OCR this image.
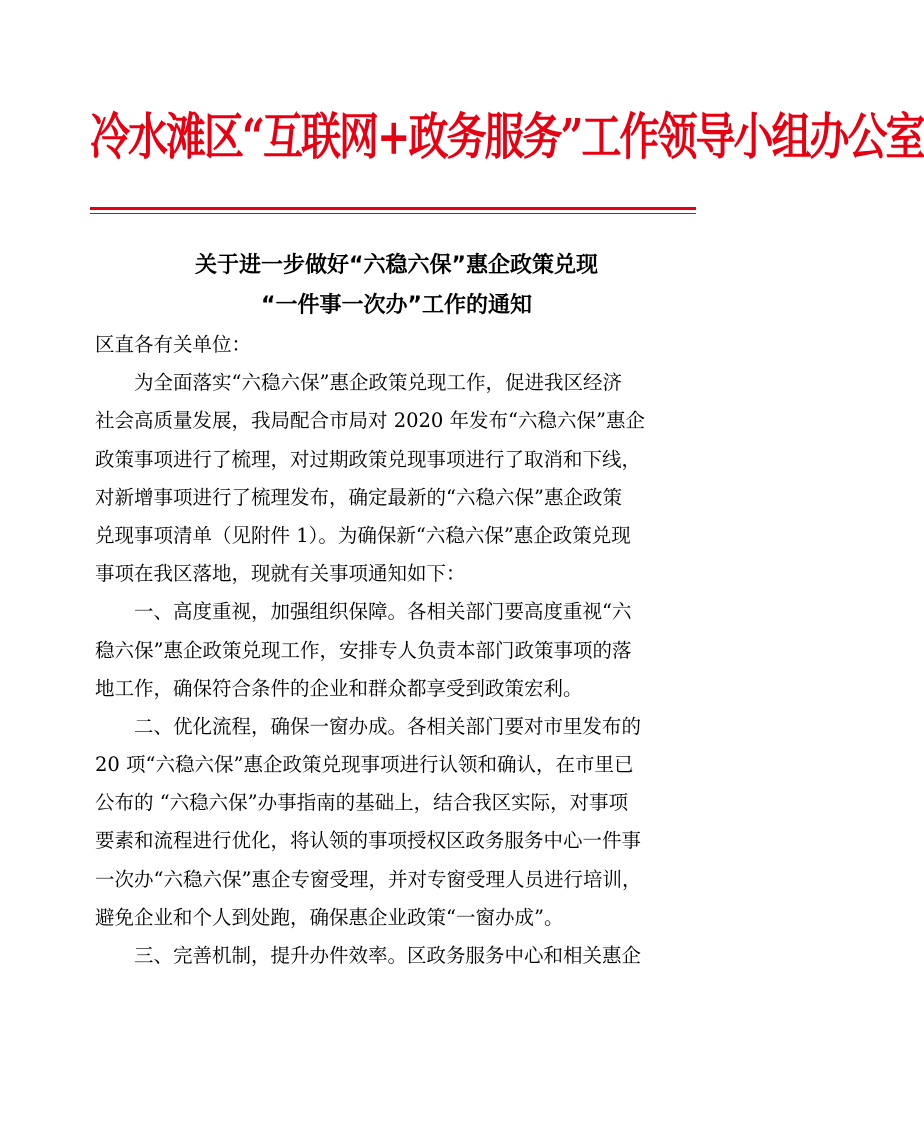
冷水滩区“互联网+政务服务”工作领导小组办公室
关于进一步做好“六稳六保”惠企政策兑现
“一件事一次办”工作的通知
区直各有关单位：
为全面落实“六稳六保”惠企政策兑现工作，促进我区经济
社会高质量发展，我局配合市局对 2020 年发布“六稳六保”惠企
政策事项进行了梳理，对过期政策兑现事项进行了取消和下线，
对新增事项进行了梳理发布，确定最新的“六稳六保”惠企政策
兑现事项清单（见附件 1）。为确保新“六稳六保”惠企政策兑现
事项在我区落地，现就有关事项通知如下：
一、高度重视，加强组织保障。各相关部门要高度重视“六
稳六保”惠企政策兑现工作，安排专人负责本部门政策事项的落
地工作，确保符合条件的企业和群众都享受到政策宏利。
二、优化流程，确保一窗办成。各相关部门要对市里发布的
20 项“六稳六保”惠企政策兑现事项进行认领和确认，在市里已
公布的 “六稳六保”办事指南的基础上，结合我区实际，对事项
要素和流程进行优化，将认领的事项授权区政务服务中心一件事
一次办“六稳六保”惠企专窗受理，并对专窗受理人员进行培训，
避免企业和个人到处跑，确保惠企业政策“一窗办成”。
三、完善机制，提升办件效率。区政务服务中心和相关惠企
